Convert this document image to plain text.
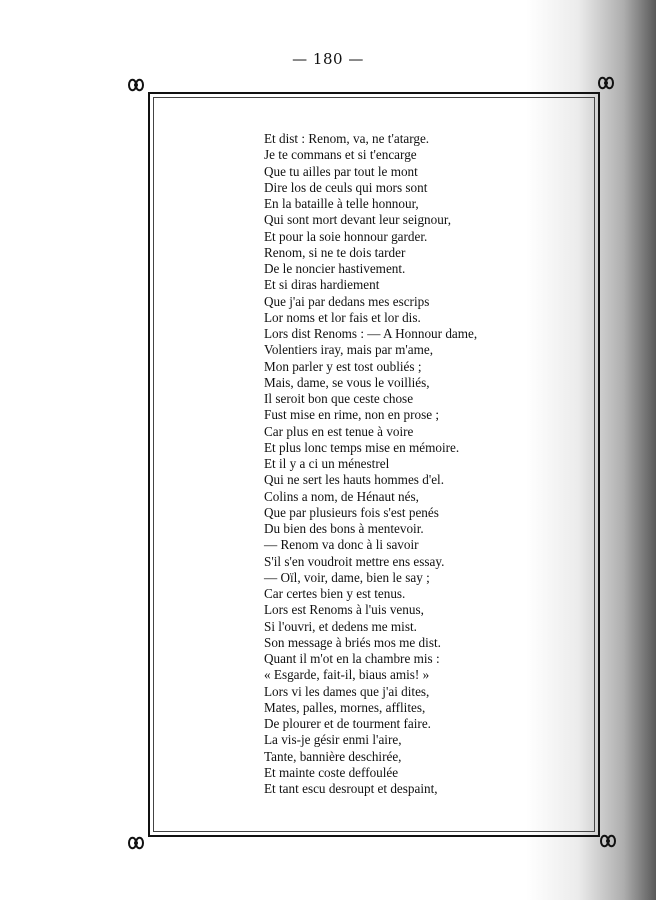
— 180 —
Et dist : Renom, va, ne t'atarge.
Je te commans et si t'encarge
Que tu ailles par tout le mont
Dire los de ceuls qui mors sont
En la bataille à telle honnour,
Qui sont mort devant leur seignour,
Et pour la soie honnour garder.
Renom, si ne te dois tarder
De le noncier hastivement.
Et si diras hardiement
Que j'ai par dedans mes escrips
Lor noms et lor fais et lor dis.
Lors dist Renoms : — A Honnour dame,
Volentiers iray, mais par m'ame,
Mon parler y est tost oubliés ;
Mais, dame, se vous le voilliés,
Il seroit bon que ceste chose
Fust mise en rime, non en prose ;
Car plus en est tenue à voire
Et plus lonc temps mise en mémoire.
Et il y a ci un ménestrel
Qui ne sert les hauts hommes d'el.
Colins a nom, de Hénaut nés,
Que par plusieurs fois s'est penés
Du bien des bons à mentevoir.
— Renom va donc à li savoir
S'il s'en voudroit mettre ens essay.
— Oïl, voir, dame, bien le say ;
Car certes bien y est tenus.
Lors est Renoms à l'uis venus,
Si l'ouvri, et dedens me mist.
Son message à briés mos me dist.
Quant il m'ot en la chambre mis :
« Esgarde, fait-il, biaus amis! »
Lors vi les dames que j'ai dites,
Mates, palles, mornes, afflites,
De plourer et de tourment faire.
La vis-je gésir enmi l'aire,
Tante, bannière deschirée,
Et mainte coste deffoulée
Et tant escu desroupt et despaint,
